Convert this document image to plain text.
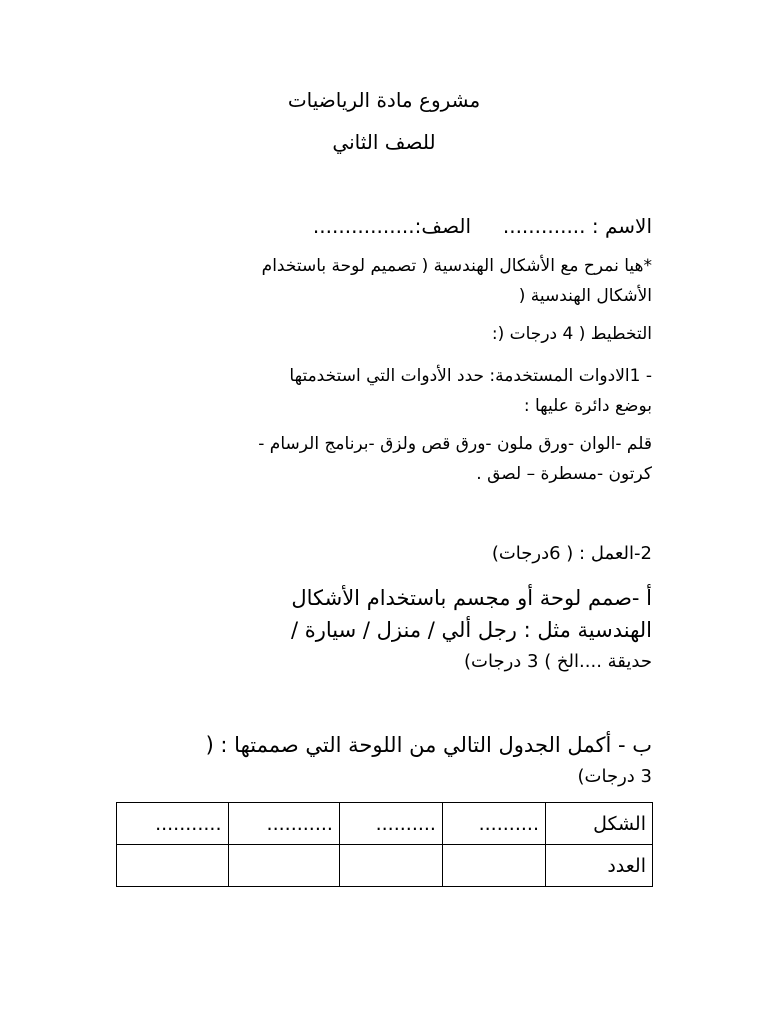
مشروع مادة الرياضيات
للصف الثاني
الاسم : .............     الصف:................
*هيا نمرح مع الأشكال الهندسية ( تصميم لوحة باستخدام
الأشكال الهندسية (
التخطيط ( 4 درجات (:
- 1الادوات المستخدمة: حدد الأدوات التي استخدمتها
بوضع دائرة عليها :
قلم -الوان -ورق ملون -ورق قص ولزق -برنامج الرسام -
كرتون -مسطرة – لصق .
2-العمل : ( 6درجات)
أ -صمم لوحة أو مجسم باستخدام الأشكال
الهندسية مثل : رجل ألي / منزل / سيارة /
حديقة ....الخ ) 3 درجات)
ب - أكمل الجدول التالي من اللوحة التي صممتها : (
3 درجات)
الشكل	..........	..........	...........	...........
العدد				
